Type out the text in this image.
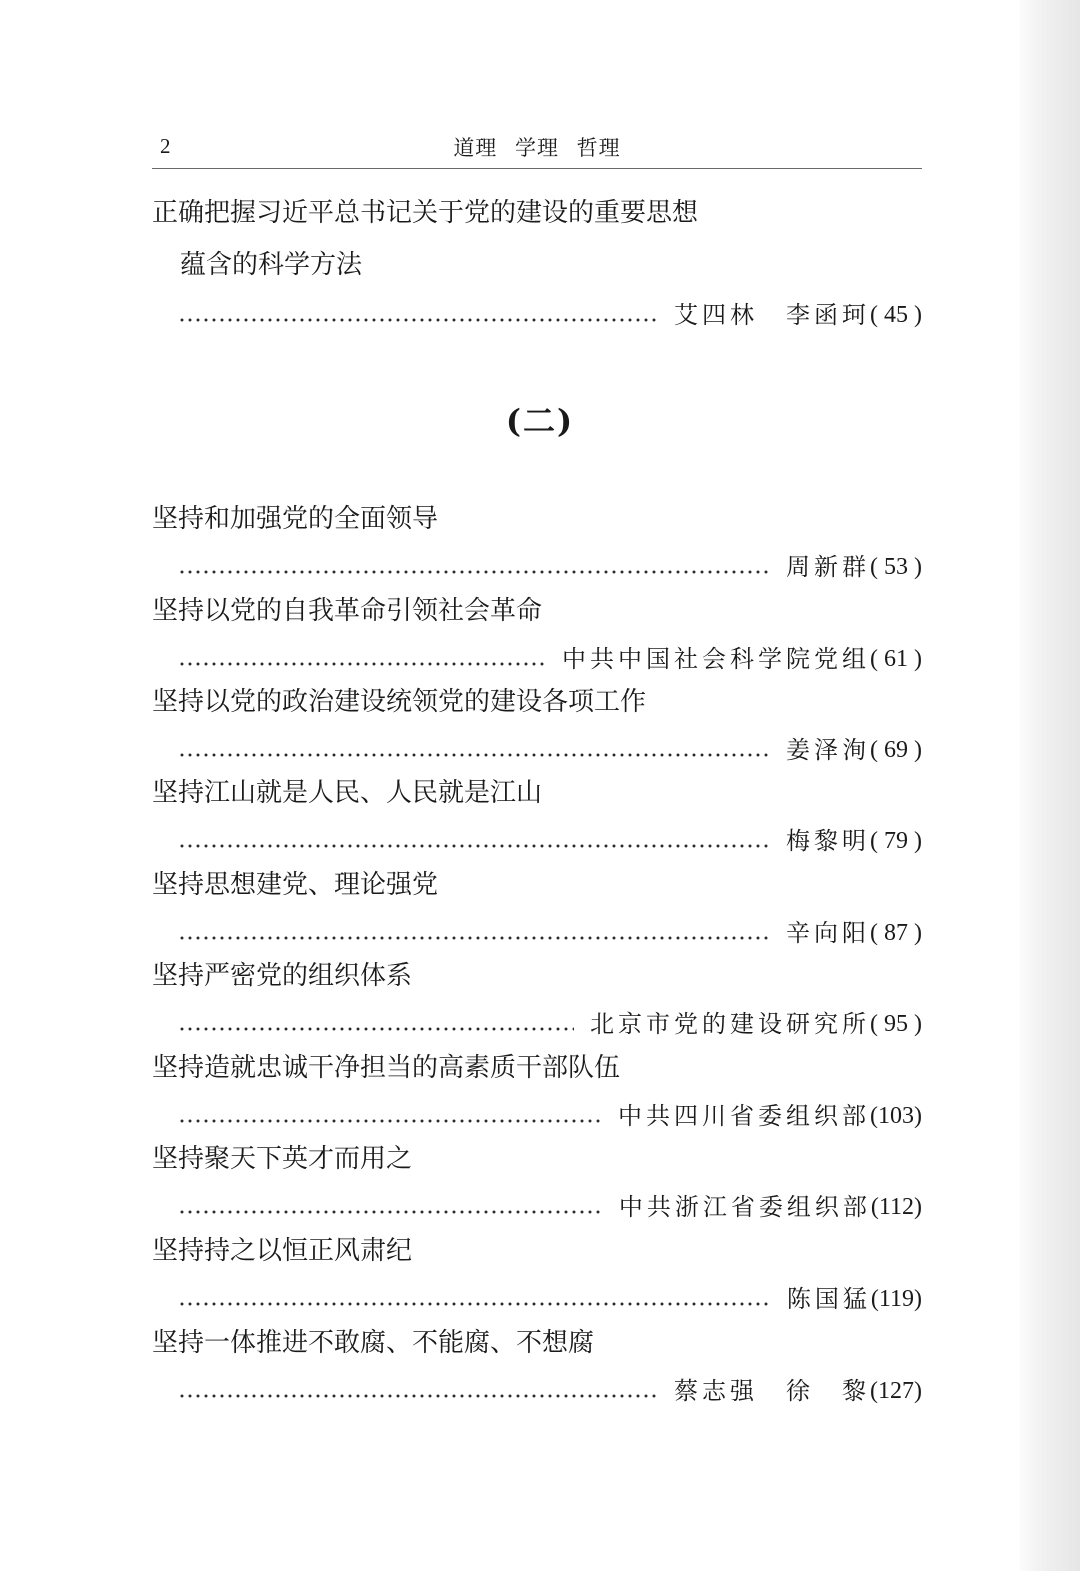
2	道理 学理 哲理
正确把握习近平总书记关于党的建设的重要思想
蕴含的科学方法
艾四林　李函珂 ( 45 )
(二)
坚持和加强党的全面领导
周新群 ( 53 )
坚持以党的自我革命引领社会革命
中共中国社会科学院党组 ( 61 )
坚持以党的政治建设统领党的建设各项工作
姜泽洵 ( 69 )
坚持江山就是人民、人民就是江山
梅黎明 ( 79 )
坚持思想建党、理论强党
辛向阳 ( 87 )
坚持严密党的组织体系
北京市党的建设研究所 ( 95 )
坚持造就忠诚干净担当的高素质干部队伍
中共四川省委组织部 (103)
坚持聚天下英才而用之
中共浙江省委组织部 (112)
坚持持之以恒正风肃纪
陈国猛 (119)
坚持一体推进不敢腐、不能腐、不想腐
蔡志强　徐　黎 (127)
